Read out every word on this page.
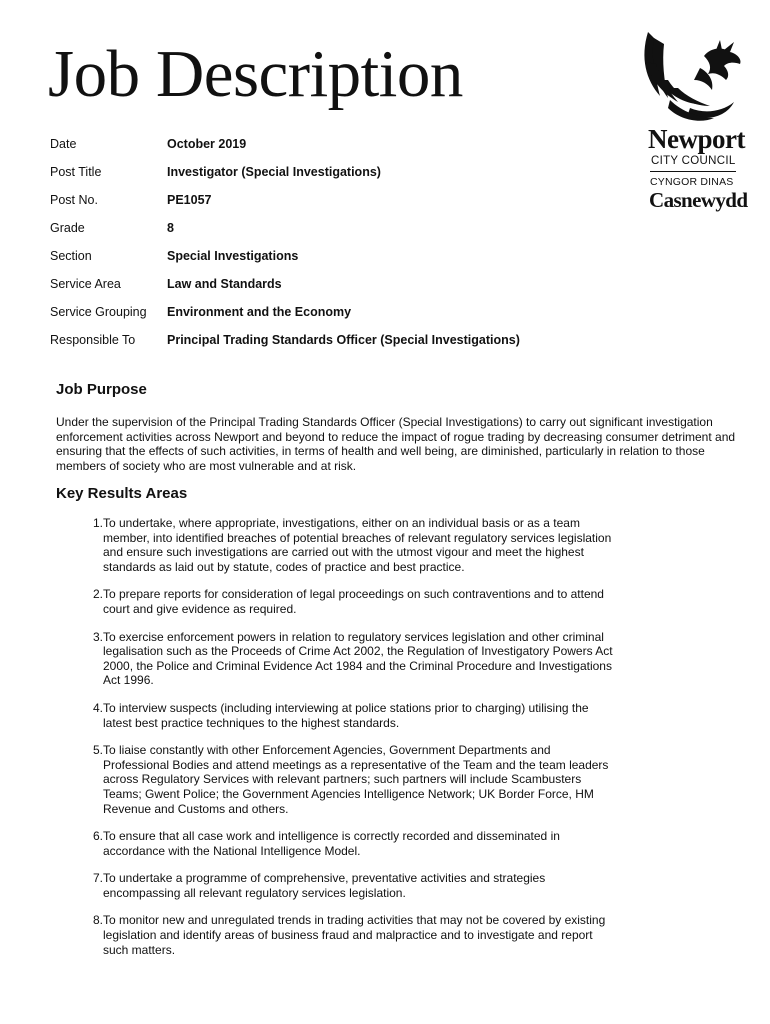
Job Description
Newport
CITY COUNCIL
CYNGOR DINAS
Casnewydd
Date	October 2019
Post Title	Investigator (Special Investigations)
Post No.	PE1057
Grade	8
Section	Special Investigations
Service Area	Law and Standards
Service Grouping	Environment and the Economy
Responsible To	Principal Trading Standards Officer (Special Investigations)
Job Purpose

Under the supervision of the Principal Trading Standards Officer (Special Investigations) to carry out significant investigation enforcement activities across Newport and beyond to reduce the impact of rogue trading by decreasing consumer detriment and ensuring that the effects of such activities, in terms of health and well being, are diminished, particularly in relation to those members of society who are most vulnerable and at risk.

Key Results Areas
1. To undertake, where appropriate, investigations, either on an individual basis or as a team member, into identified breaches of potential breaches of relevant regulatory services legislation and ensure such investigations are carried out with the utmost vigour and meet the highest standards as laid out by statute, codes of practice and best practice.
2. To prepare reports for consideration of legal proceedings on such contraventions and to attend court and give evidence as required.
3. To exercise enforcement powers in relation to regulatory services legislation and other criminal legalisation such as the Proceeds of Crime Act 2002, the Regulation of Investigatory Powers Act 2000, the Police and Criminal Evidence Act 1984 and the Criminal Procedure and Investigations Act 1996.
4. To interview suspects (including interviewing at police stations prior to charging) utilising the latest best practice techniques to the highest standards.
5. To liaise constantly with other Enforcement Agencies, Government Departments and Professional Bodies and attend meetings as a representative of the Team and the team leaders across Regulatory Services with relevant partners; such partners will include Scambusters Teams; Gwent Police; the Government Agencies Intelligence Network; UK Border Force, HM Revenue and Customs and others.
6. To ensure that all case work and intelligence is correctly recorded and disseminated in accordance with the National Intelligence Model.
7. To undertake a programme of comprehensive, preventative activities and strategies encompassing all relevant regulatory services legislation.
8. To monitor new and unregulated trends in trading activities that may not be covered by existing legislation and identify areas of business fraud and malpractice and to investigate and report such matters.
